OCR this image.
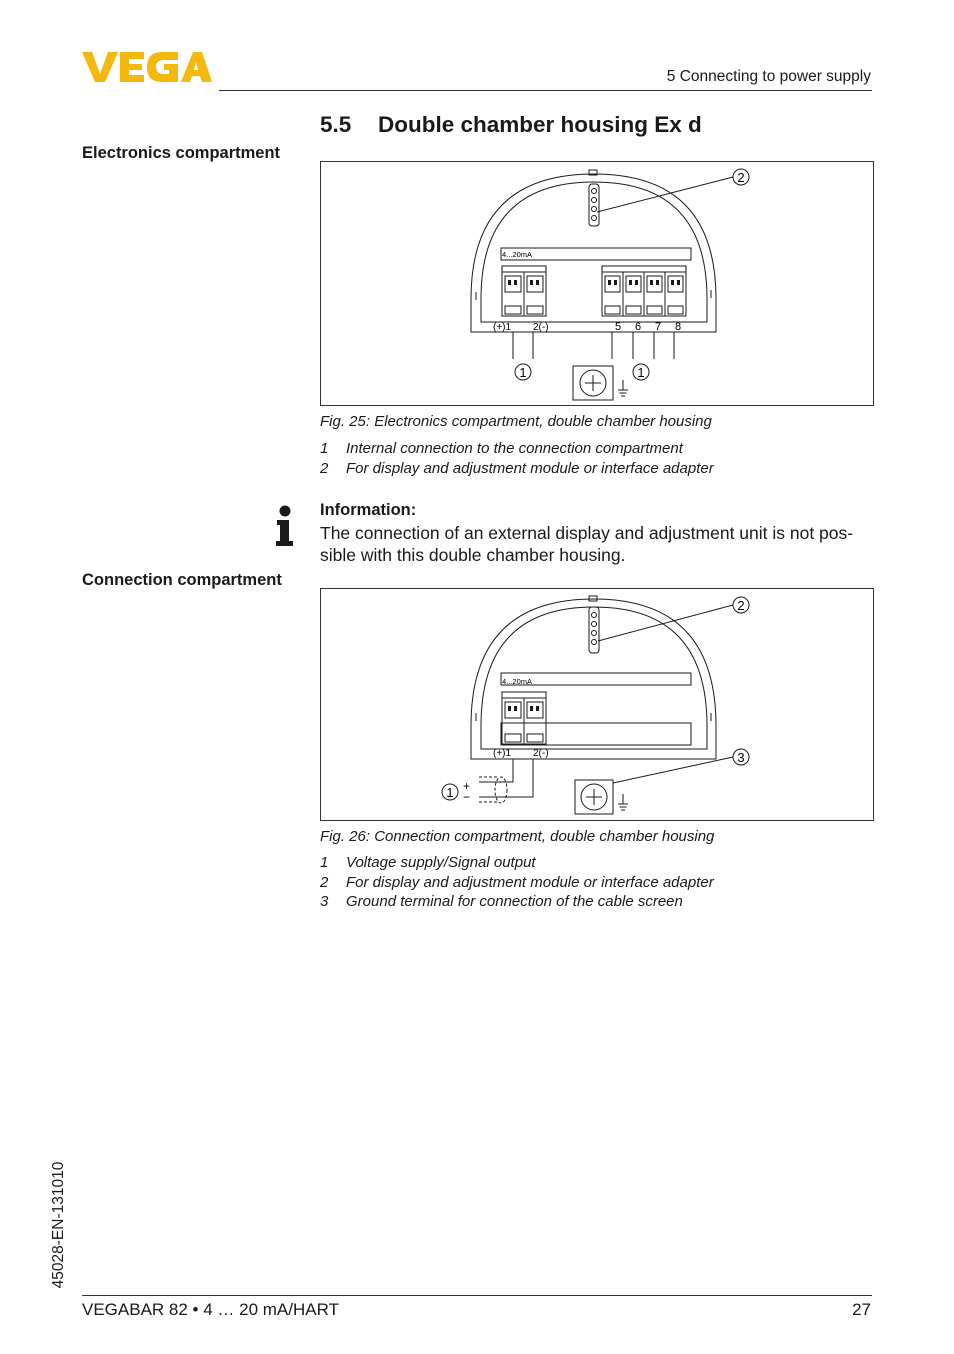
5 Connecting to power supply
5.5 Double chamber housing Ex d
Electronics compartment
4...20mA
(+)1 2(-)	5 6 7 8
2
1	1
Fig. 25: Electronics compartment, double chamber housing
1	Internal connection to the connection compartment
2	For display and adjustment module or interface adapter
Information:
The connection of an external display and adjustment unit is not pos-sible with this double chamber housing.
Connection compartment
4...20mA
(+)1 2(-)
+
−
2
3
1
Fig. 26: Connection compartment, double chamber housing
1	Voltage supply/Signal output
2	For display and adjustment module or interface adapter
3	Ground terminal for connection of the cable screen
45028-EN-131010
VEGABAR 82 • 4 … 20 mA/HART	27
